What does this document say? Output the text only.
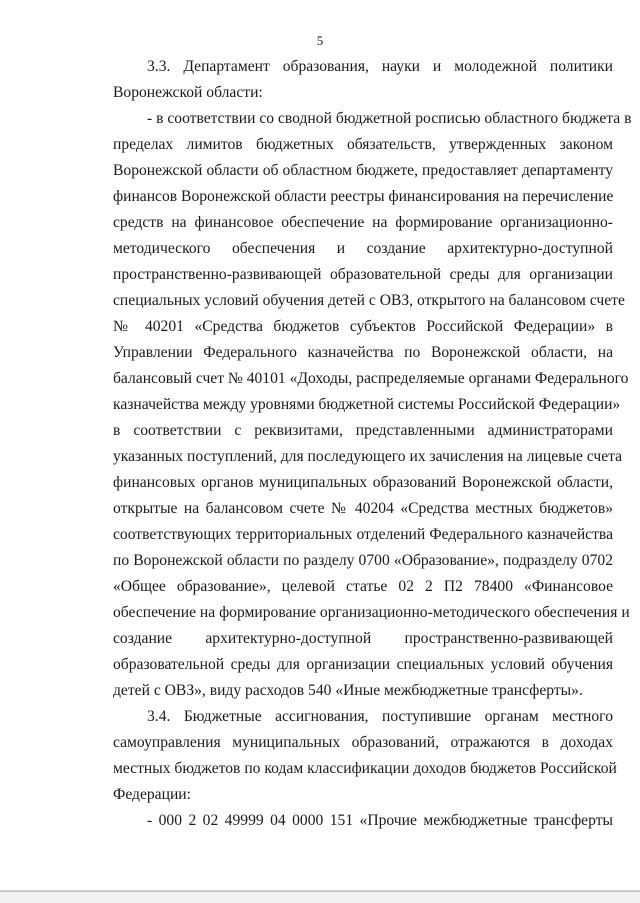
5
3.3. Департамент образования, науки и молодежной политики
Воронежской области:
- в соответствии со сводной бюджетной росписью областного бюджета в
пределах лимитов бюджетных обязательств, утвержденных законом
Воронежской области об областном бюджете, предоставляет департаменту
финансов Воронежской области реестры финансирования на перечисление
средств на финансовое обеспечение на формирование организационно-
методического обеспечения и создание архитектурно-доступной
пространственно-развивающей образовательной среды для организации
специальных условий обучения детей с ОВЗ, открытого на балансовом счете
№ 40201 «Средства бюджетов субъектов Российской Федерации» в
Управлении Федерального казначейства по Воронежской области, на
балансовый счет № 40101 «Доходы, распределяемые органами Федерального
казначейства между уровнями бюджетной системы Российской Федерации»
в соответствии с реквизитами, представленными администраторами
указанных поступлений, для последующего их зачисления на лицевые счета
финансовых органов муниципальных образований Воронежской области,
открытые на балансовом счете № 40204 «Средства местных бюджетов»
соответствующих территориальных отделений Федерального казначейства
по Воронежской области по разделу 0700 «Образование», подразделу 0702
«Общее образование», целевой статье 02 2 П2 78400 «Финансовое
обеспечение на формирование организационно-методического обеспечения и
создание архитектурно-доступной пространственно-развивающей
образовательной среды для организации специальных условий обучения
детей с ОВЗ», виду расходов 540 «Иные межбюджетные трансферты».
3.4. Бюджетные ассигнования, поступившие органам местного
самоуправления муниципальных образований, отражаются в доходах
местных бюджетов по кодам классификации доходов бюджетов Российской
Федерации:
- 000 2 02 49999 04 0000 151 «Прочие межбюджетные трансферты
